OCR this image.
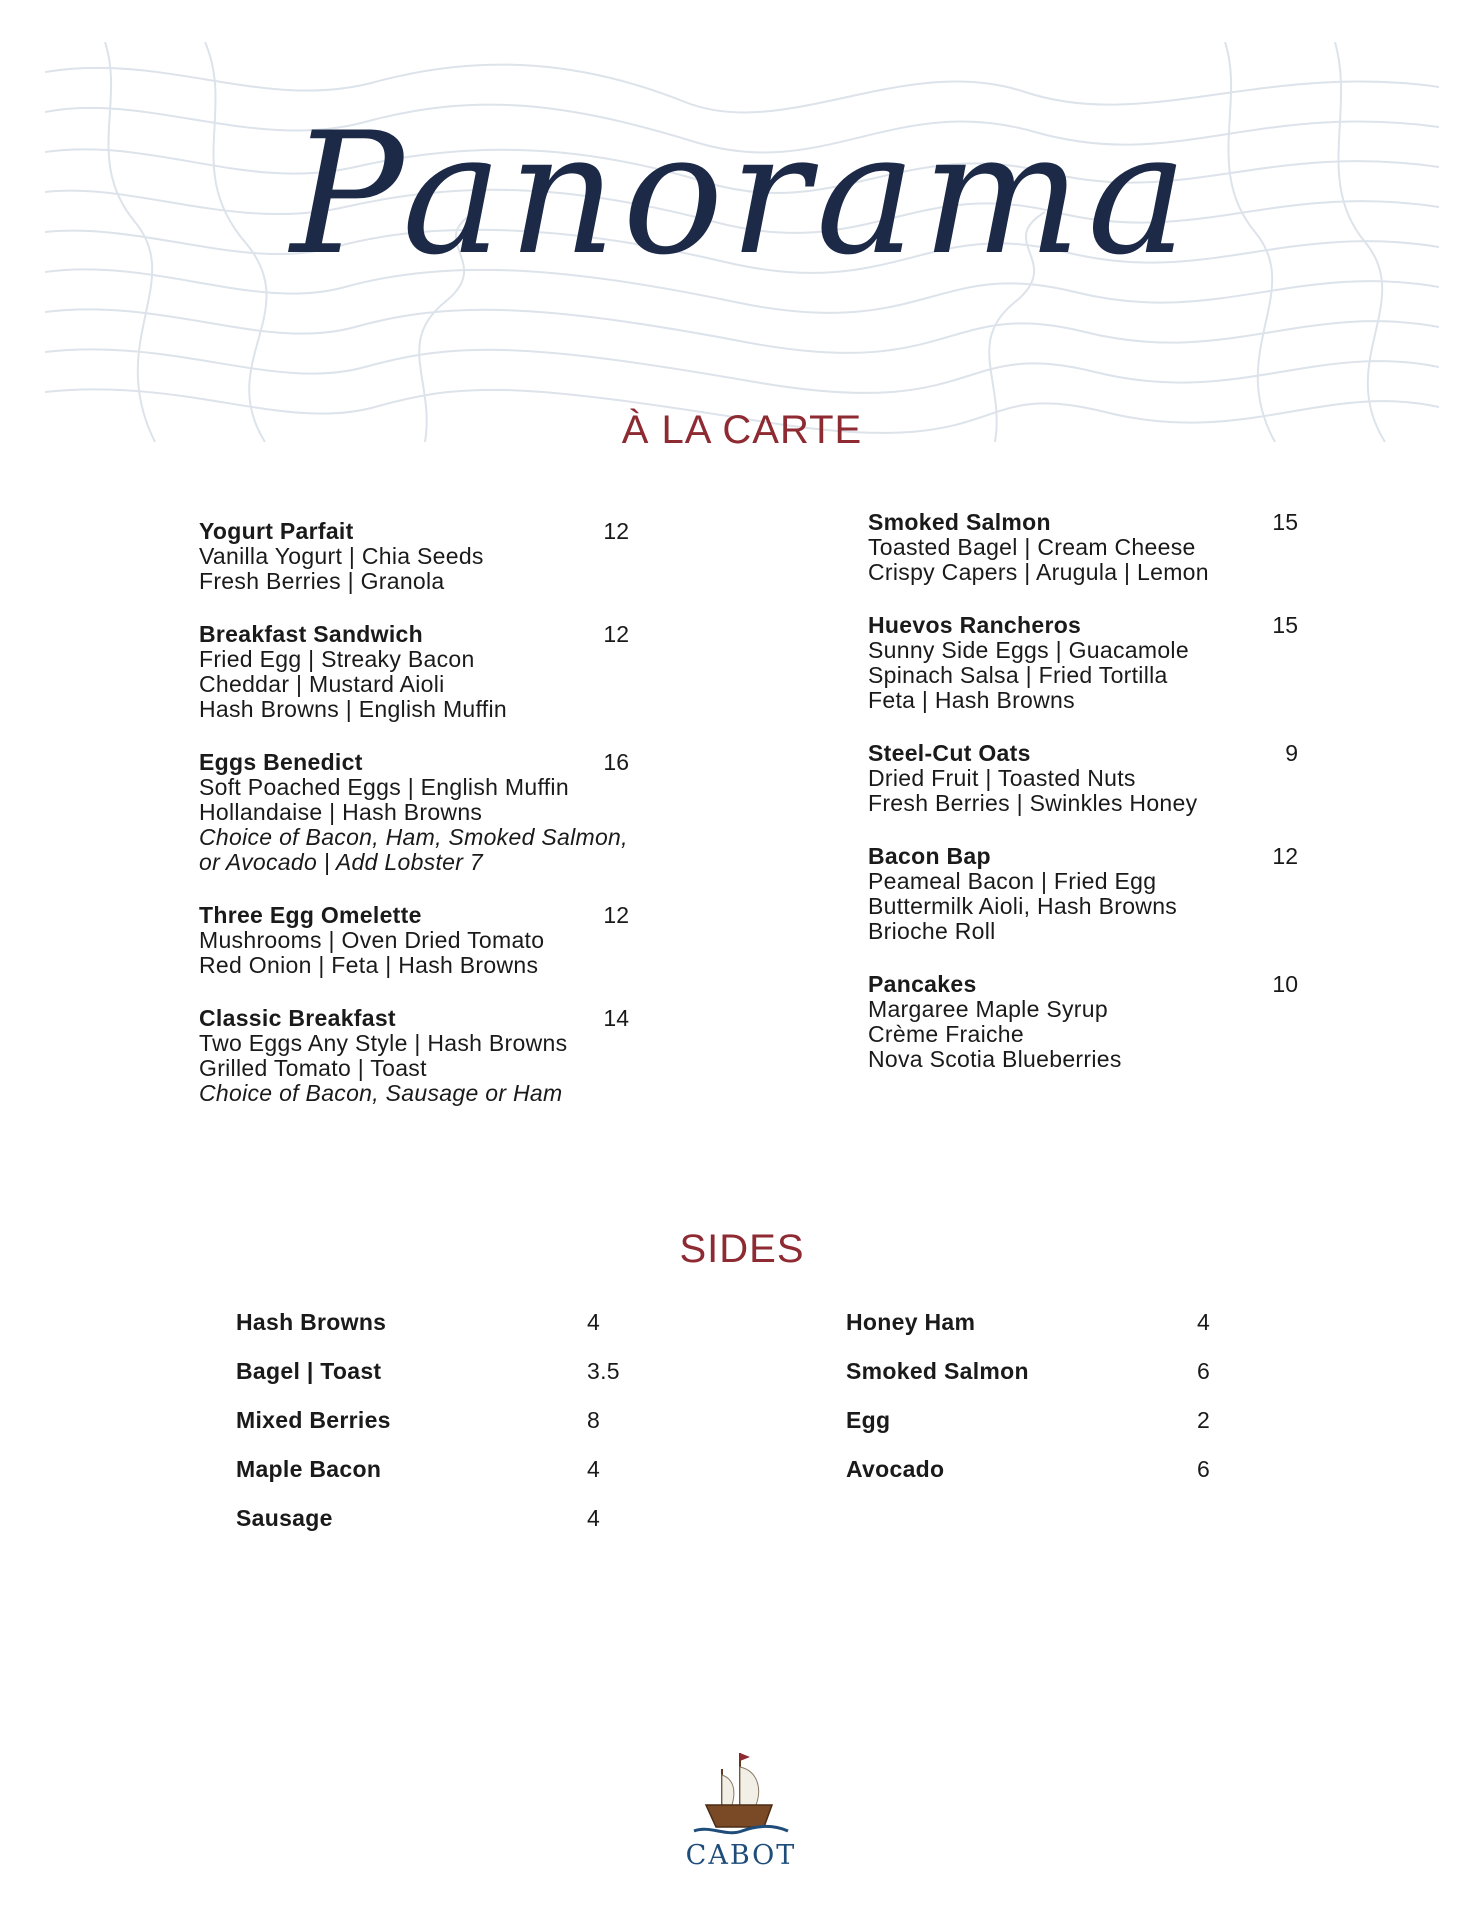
Panorama
À LA CARTE
Yogurt Parfait	12
Vanilla Yogurt | Chia Seeds
Fresh Berries | Granola
Breakfast Sandwich	12
Fried Egg | Streaky Bacon
Cheddar | Mustard Aioli
Hash Browns | English Muffin
Eggs Benedict	16
Soft Poached Eggs | English Muffin
Hollandaise | Hash Browns
Choice of Bacon, Ham, Smoked Salmon,
or Avocado | Add Lobster 7
Three Egg Omelette	12
Mushrooms | Oven Dried Tomato
Red Onion | Feta | Hash Browns
Classic Breakfast	14
Two Eggs Any Style | Hash Browns
Grilled Tomato | Toast
Choice of Bacon, Sausage or Ham
Smoked Salmon	15
Toasted Bagel | Cream Cheese
Crispy Capers | Arugula | Lemon
Huevos Rancheros	15
Sunny Side Eggs | Guacamole
Spinach Salsa | Fried Tortilla
Feta | Hash Browns
Steel-Cut Oats	9
Dried Fruit | Toasted Nuts
Fresh Berries | Swinkles Honey
Bacon Bap	12
Peameal Bacon | Fried Egg
Buttermilk Aioli, Hash Browns
Brioche Roll
Pancakes	10
Margaree Maple Syrup
Crème Fraiche
Nova Scotia Blueberries
SIDES
Hash Browns	4
Bagel | Toast	3.5
Mixed Berries	8
Maple Bacon	4
Sausage	4
Honey Ham	4
Smoked Salmon	6
Egg	2
Avocado	6
CABOT
